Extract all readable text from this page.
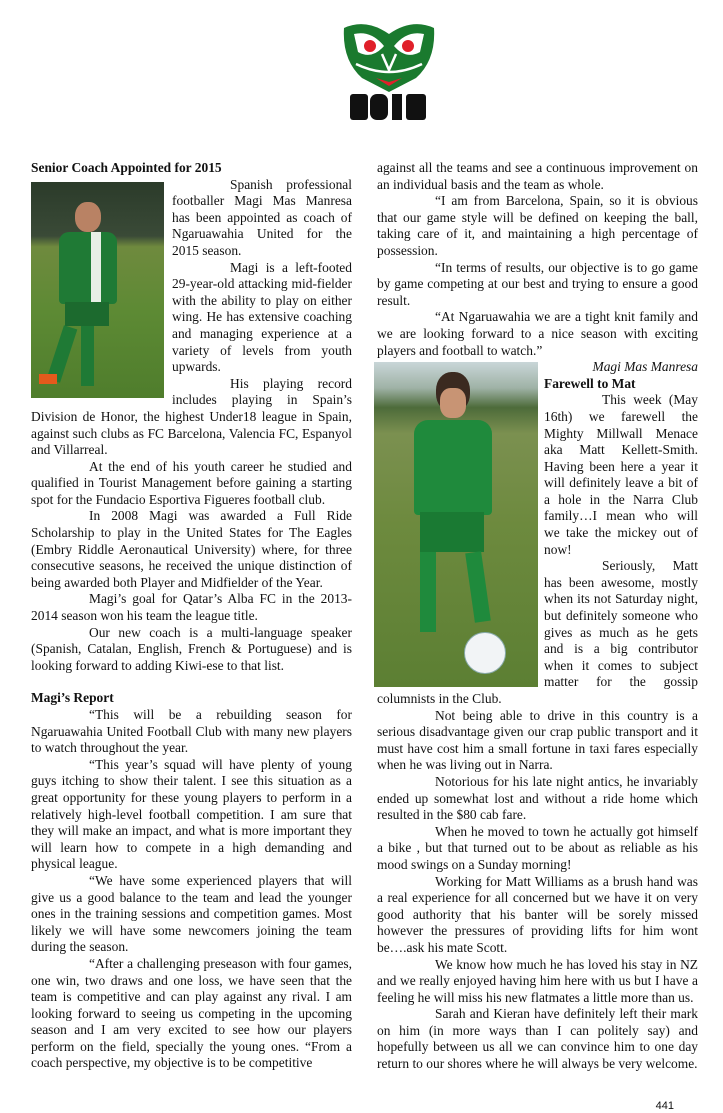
Senior Coach Appointed for 2015

Spanish professional footballer Magi Mas Manresa has been appointed as coach of Ngaruawahia United for the 2015 season.

Magi is a left-footed 29-year-old attacking mid-fielder with the ability to play on either wing. He has extensive coaching and managing experience at a variety of levels from youth upwards.

His playing record includes playing in Spain’s Division de Honor, the highest Under18 league in Spain, against such clubs as FC Barcelona, Valencia FC, Espanyol and Villarreal.

At the end of his youth career he studied and qualified in Tourist Management before gaining a starting spot for the Fundacio Esportiva Figueres football club.

In 2008 Magi was awarded a Full Ride Scholarship to play in the United States for The Eagles (Embry Riddle Aeronautical University) where, for three consecutive seasons, he received the unique distinction of being awarded both Player and Midfielder of the Year.

Magi’s goal for Qatar’s Alba FC in the 2013-2014 season won his team the league title.

Our new coach is a multi-language speaker (Spanish, Catalan, English, French & Portuguese) and is looking forward to adding Kiwi-ese to that list.

Magi’s Report

“This will be a rebuilding season for Ngaruawahia United Football Club with many new players to watch throughout the year.

“This year’s squad will have plenty of young guys itching to show their talent. I see this situation as a great opportunity for these young players to perform in a relatively high-level football competition. I am sure that they will make an impact, and what is more important they will learn how to compete in a high demanding and physical league.

“We have some experienced players that will give us a good balance to the team and lead the younger ones in the training sessions and competition games. Most likely we will have some newcomers joining the team during the season.

“After a challenging preseason with four games, one win, two draws and one loss, we have seen that the team is competitive and can play against any rival. I am looking forward to seeing us competing in the upcoming season and I am very excited to see how our players perform on the field, specially the young ones. “From a coach perspective, my objective is to be competitive

against all the teams and see a continuous improvement on an individual basis and the team as whole.

“I am from Barcelona, Spain, so it is obvious that our game style will be defined on keeping the ball, taking care of it, and maintaining a high percentage of possession.

“In terms of results, our objective is to go game by game competing at our best and trying to ensure a good result.

“At Ngaruawahia we are a tight knit family and we are looking forward to a nice season with exciting players and football to watch.”

Magi Mas Manresa

Farewell to Mat

This week (May 16th) we farewell the Mighty Millwall Menace aka Matt Kellett-Smith. Having been here a year it will definitely leave a bit of a hole in the Narra Club family…I mean who will we take the mickey out of now!

Seriously, Matt has been awesome, mostly when its not Saturday night, but definitely someone who gives as much as he gets and is a big contributor when it comes to subject matter for the gossip columnists in the Club.

Not being able to drive in this country is a serious disadvantage given our crap public transport and it must have cost him a small fortune in taxi fares especially when he was living out in Narra.

Notorious for his late night antics, he invariably ended up somewhat lost and without a ride home which resulted in the $80 cab fare.

When he moved to town he actually got himself a bike , but that turned out to be about as reliable as his mood swings on a Sunday morning!

Working for Matt Williams as a brush hand was a real experience for all concerned but we have it on very good authority that his banter will be sorely missed however the pressures of providing lifts for him wont be….ask his mate Scott.

We know how much he has loved his stay in NZ and we really enjoyed having him here with us but I have a feeling he will miss his new flatmates a little more than us.

Sarah and Kieran have definitely left their mark on him (in more ways than I can politely say) and hopefully between us all we can convince him to one day return to our shores where he will always be very welcome.

441
